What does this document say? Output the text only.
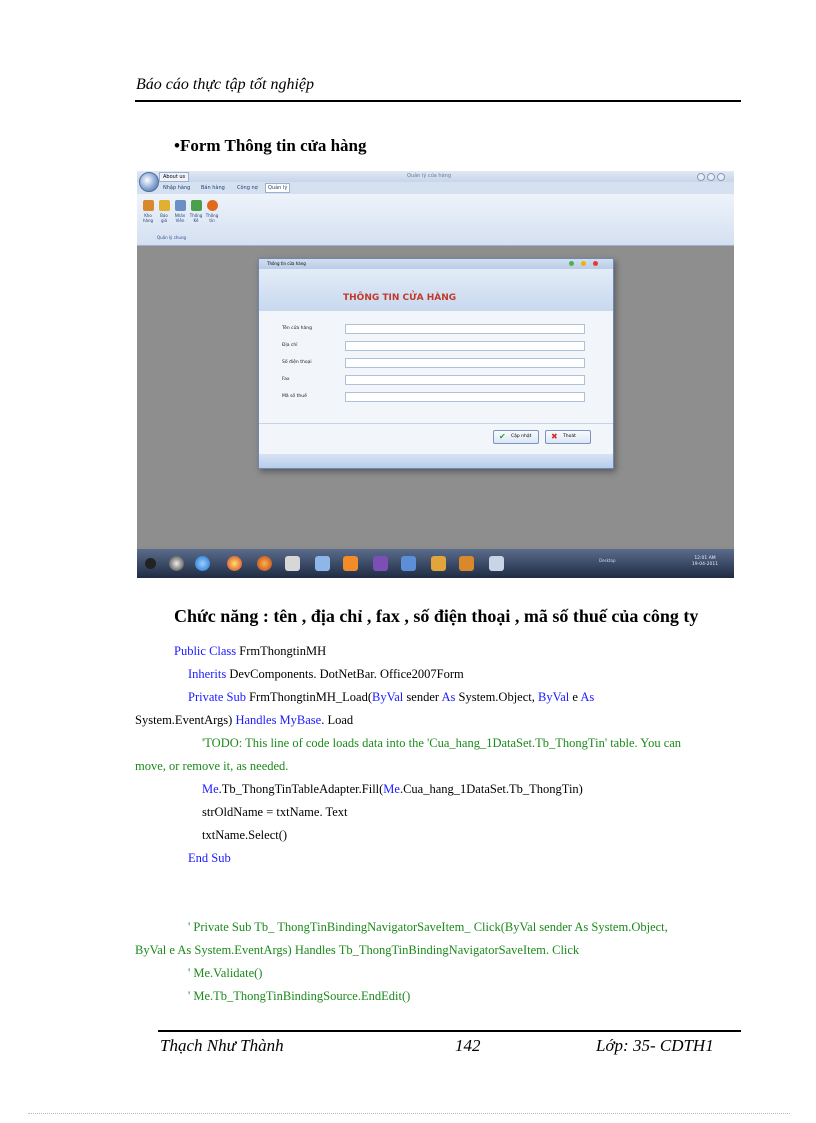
Báo cáo thực tập tốt nghiệp
•Form Thông tin cửa hàng
About us	Quản lý cửa hàng
Nhập hàng Bán hàng Công nợ	Quản lý
Kho hàng
Báo giá
Nhân Viên
Thống Kê
Thông tin
Quản lý chung
Thông tin cửa hàng
THÔNG TIN CỬA HÀNG
Tên cửa hàng
Địa chỉ
Số điện thoại
Fax
Mã số thuế
✔ Cập nhật ✖ Thoát
Desktop	12:01 AM
19-04-2011
Chức năng : tên , địa chỉ , fax , số điện thoại , mã số thuế của công ty
Public Class FrmThongtinMH
Inherits DevComponents. DotNetBar. Office2007Form
Private Sub FrmThongtinMH_Load(ByVal sender As System.Object, ByVal e As
System.EventArgs) Handles MyBase. Load
'TODO: This line of code loads data into the 'Cua_hang_1DataSet.Tb_ThongTin' table. You can
move, or remove it, as needed.
Me.Tb_ThongTinTableAdapter.Fill(Me.Cua_hang_1DataSet.Tb_ThongTin)
strOldName = txtName. Text
txtName.Select()
End Sub
' Private Sub Tb_ ThongTinBindingNavigatorSaveItem_ Click(ByVal sender As System.Object,
ByVal e As System.EventArgs) Handles Tb_ThongTinBindingNavigatorSaveItem. Click
' Me.Validate()
' Me.Tb_ThongTinBindingSource.EndEdit()
Thạch Như Thành	142	Lớp: 35- CDTH1
